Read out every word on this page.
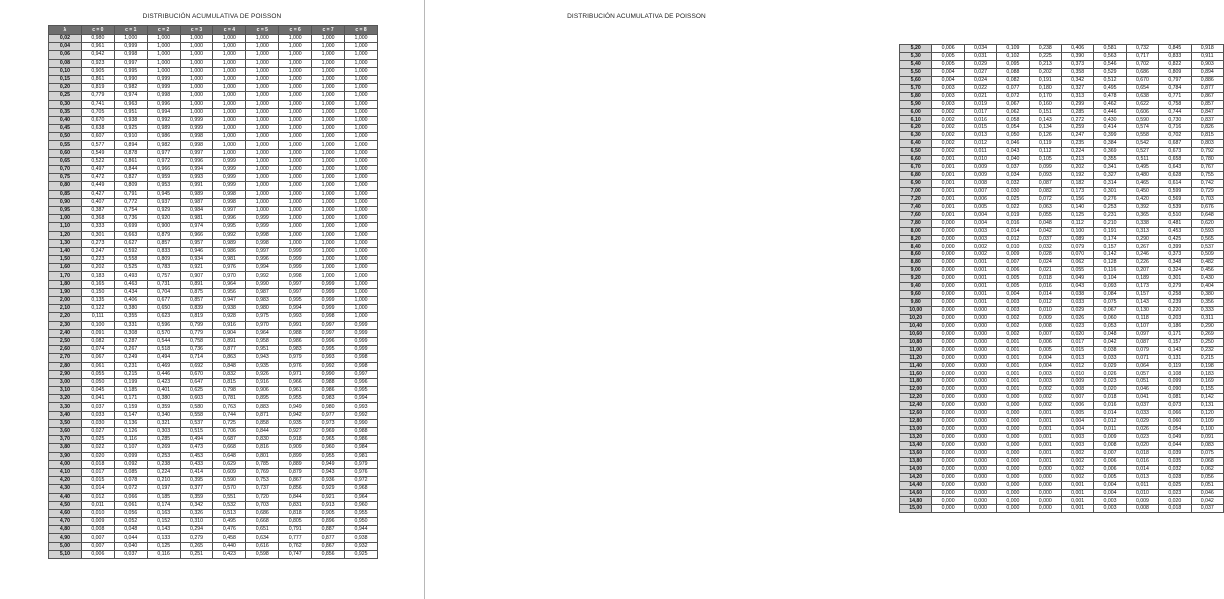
DISTRIBUCIÓN ACUMULATIVA DE POISSON
λ	c = 0	c = 1	c = 2	c = 3	c = 4	c = 5	c = 6	c = 7	c = 8
0,02	0,980	1,000	1,000	1,000	1,000	1,000	1,000	1,000	1,000
0,04	0,961	0,999	1,000	1,000	1,000	1,000	1,000	1,000	1,000
0,06	0,942	0,998	1,000	1,000	1,000	1,000	1,000	1,000	1,000
0,08	0,923	0,997	1,000	1,000	1,000	1,000	1,000	1,000	1,000
0,10	0,905	0,995	1,000	1,000	1,000	1,000	1,000	1,000	1,000
0,15	0,861	0,990	0,999	1,000	1,000	1,000	1,000	1,000	1,000
0,20	0,819	0,982	0,999	1,000	1,000	1,000	1,000	1,000	1,000
0,25	0,779	0,974	0,998	1,000	1,000	1,000	1,000	1,000	1,000
0,30	0,741	0,963	0,996	1,000	1,000	1,000	1,000	1,000	1,000
0,35	0,705	0,951	0,994	1,000	1,000	1,000	1,000	1,000	1,000
0,40	0,670	0,938	0,992	0,999	1,000	1,000	1,000	1,000	1,000
0,45	0,638	0,925	0,989	0,999	1,000	1,000	1,000	1,000	1,000
0,50	0,607	0,910	0,986	0,998	1,000	1,000	1,000	1,000	1,000
0,55	0,577	0,894	0,982	0,998	1,000	1,000	1,000	1,000	1,000
0,60	0,549	0,878	0,977	0,997	1,000	1,000	1,000	1,000	1,000
0,65	0,522	0,861	0,972	0,996	0,999	1,000	1,000	1,000	1,000
0,70	0,497	0,844	0,966	0,994	0,999	1,000	1,000	1,000	1,000
0,75	0,472	0,827	0,959	0,993	0,999	1,000	1,000	1,000	1,000
0,80	0,449	0,809	0,953	0,991	0,999	1,000	1,000	1,000	1,000
0,85	0,427	0,791	0,945	0,989	0,998	1,000	1,000	1,000	1,000
0,90	0,407	0,772	0,937	0,987	0,998	1,000	1,000	1,000	1,000
0,95	0,387	0,754	0,929	0,984	0,997	1,000	1,000	1,000	1,000
1,00	0,368	0,736	0,920	0,981	0,996	0,999	1,000	1,000	1,000
1,10	0,333	0,699	0,900	0,974	0,995	0,999	1,000	1,000	1,000
1,20	0,301	0,663	0,879	0,966	0,992	0,998	1,000	1,000	1,000
1,30	0,273	0,627	0,857	0,957	0,989	0,998	1,000	1,000	1,000
1,40	0,247	0,592	0,833	0,946	0,986	0,997	0,999	1,000	1,000
1,50	0,223	0,558	0,809	0,934	0,981	0,996	0,999	1,000	1,000
1,60	0,202	0,525	0,783	0,921	0,976	0,994	0,999	1,000	1,000
1,70	0,183	0,493	0,757	0,907	0,970	0,992	0,998	1,000	1,000
1,80	0,165	0,463	0,731	0,891	0,964	0,990	0,997	0,999	1,000
1,90	0,150	0,434	0,704	0,875	0,956	0,987	0,997	0,999	1,000
2,00	0,135	0,406	0,677	0,857	0,947	0,983	0,995	0,999	1,000
2,10	0,122	0,380	0,650	0,839	0,938	0,980	0,994	0,999	1,000
2,20	0,111	0,355	0,623	0,819	0,928	0,975	0,993	0,998	1,000
2,30	0,100	0,331	0,596	0,799	0,916	0,970	0,991	0,997	0,999
2,40	0,091	0,308	0,570	0,779	0,904	0,964	0,988	0,997	0,999
2,50	0,082	0,287	0,544	0,758	0,891	0,958	0,986	0,996	0,999
2,60	0,074	0,267	0,518	0,736	0,877	0,951	0,983	0,995	0,999
2,70	0,067	0,249	0,494	0,714	0,863	0,943	0,979	0,993	0,998
2,80	0,061	0,231	0,469	0,692	0,848	0,935	0,976	0,992	0,998
2,90	0,055	0,215	0,446	0,670	0,832	0,926	0,971	0,990	0,997
3,00	0,050	0,199	0,423	0,647	0,815	0,916	0,966	0,988	0,996
3,10	0,045	0,185	0,401	0,625	0,798	0,906	0,961	0,986	0,995
3,20	0,041	0,171	0,380	0,603	0,781	0,895	0,955	0,983	0,994
3,30	0,037	0,159	0,359	0,580	0,763	0,883	0,949	0,980	0,993
3,40	0,033	0,147	0,340	0,558	0,744	0,871	0,942	0,977	0,992
3,50	0,030	0,136	0,321	0,537	0,725	0,858	0,935	0,973	0,990
3,60	0,027	0,126	0,303	0,515	0,706	0,844	0,927	0,969	0,988
3,70	0,025	0,116	0,285	0,494	0,687	0,830	0,918	0,965	0,986
3,80	0,022	0,107	0,269	0,473	0,668	0,816	0,909	0,960	0,984
3,90	0,020	0,099	0,253	0,453	0,648	0,801	0,899	0,955	0,981
4,00	0,018	0,092	0,238	0,433	0,629	0,785	0,889	0,949	0,979
4,10	0,017	0,085	0,224	0,414	0,609	0,769	0,879	0,943	0,976
4,20	0,015	0,078	0,210	0,395	0,590	0,753	0,867	0,936	0,972
4,30	0,014	0,072	0,197	0,377	0,570	0,737	0,856	0,929	0,968
4,40	0,012	0,066	0,185	0,359	0,551	0,720	0,844	0,921	0,964
4,50	0,011	0,061	0,174	0,342	0,532	0,703	0,831	0,913	0,960
4,60	0,010	0,056	0,163	0,326	0,513	0,686	0,818	0,905	0,955
4,70	0,009	0,052	0,152	0,310	0,495	0,668	0,805	0,896	0,950
4,80	0,008	0,048	0,143	0,294	0,476	0,651	0,791	0,887	0,944
4,90	0,007	0,044	0,133	0,279	0,458	0,634	0,777	0,877	0,938
5,00	0,007	0,040	0,125	0,265	0,440	0,616	0,762	0,867	0,932
5,10	0,006	0,037	0,116	0,251	0,423	0,598	0,747	0,856	0,925
DISTRIBUCIÓN ACUMULATIVA DE POISSON
5,20	0,006	0,034	0,109	0,238	0,406	0,581	0,732	0,845	0,918
5,30	0,005	0,031	0,102	0,225	0,390	0,563	0,717	0,833	0,911
5,40	0,005	0,029	0,095	0,213	0,373	0,546	0,702	0,822	0,903
5,50	0,004	0,027	0,088	0,202	0,358	0,529	0,686	0,809	0,894
5,60	0,004	0,024	0,082	0,191	0,342	0,512	0,670	0,797	0,886
5,70	0,003	0,022	0,077	0,180	0,327	0,495	0,654	0,784	0,877
5,80	0,003	0,021	0,072	0,170	0,313	0,478	0,638	0,771	0,867
5,90	0,003	0,019	0,067	0,160	0,299	0,462	0,622	0,758	0,857
6,00	0,002	0,017	0,062	0,151	0,285	0,446	0,606	0,744	0,847
6,10	0,002	0,016	0,058	0,143	0,272	0,430	0,590	0,730	0,837
6,20	0,002	0,015	0,054	0,134	0,259	0,414	0,574	0,716	0,826
6,30	0,002	0,013	0,050	0,126	0,247	0,399	0,558	0,702	0,815
6,40	0,002	0,012	0,046	0,119	0,235	0,384	0,542	0,687	0,803
6,50	0,002	0,011	0,043	0,112	0,224	0,369	0,527	0,673	0,792
6,60	0,001	0,010	0,040	0,105	0,213	0,355	0,511	0,658	0,780
6,70	0,001	0,009	0,037	0,099	0,202	0,341	0,495	0,643	0,767
6,80	0,001	0,009	0,034	0,093	0,192	0,327	0,480	0,628	0,755
6,90	0,001	0,008	0,032	0,087	0,182	0,314	0,465	0,614	0,742
7,00	0,001	0,007	0,030	0,082	0,173	0,301	0,450	0,599	0,729
7,20	0,001	0,006	0,025	0,072	0,156	0,276	0,420	0,569	0,703
7,40	0,001	0,005	0,022	0,063	0,140	0,253	0,392	0,539	0,676
7,60	0,001	0,004	0,019	0,055	0,125	0,231	0,365	0,510	0,648
7,80	0,000	0,004	0,016	0,048	0,112	0,210	0,338	0,481	0,620
8,00	0,000	0,003	0,014	0,042	0,100	0,191	0,313	0,453	0,593
8,20	0,000	0,003	0,012	0,037	0,089	0,174	0,290	0,425	0,565
8,40	0,000	0,002	0,010	0,032	0,079	0,157	0,267	0,399	0,537
8,60	0,000	0,002	0,009	0,028	0,070	0,142	0,246	0,373	0,509
8,80	0,000	0,001	0,007	0,024	0,062	0,128	0,226	0,348	0,482
9,00	0,000	0,001	0,006	0,021	0,055	0,116	0,207	0,324	0,456
9,20	0,000	0,001	0,005	0,018	0,049	0,104	0,189	0,301	0,430
9,40	0,000	0,001	0,005	0,016	0,043	0,093	0,173	0,279	0,404
9,60	0,000	0,001	0,004	0,014	0,038	0,084	0,157	0,258	0,380
9,80	0,000	0,001	0,003	0,012	0,033	0,075	0,143	0,239	0,356
10,00	0,000	0,000	0,003	0,010	0,029	0,067	0,130	0,220	0,333
10,20	0,000	0,000	0,002	0,009	0,026	0,060	0,118	0,203	0,311
10,40	0,000	0,000	0,002	0,008	0,023	0,053	0,107	0,186	0,290
10,60	0,000	0,000	0,002	0,007	0,020	0,048	0,097	0,171	0,269
10,80	0,000	0,000	0,001	0,006	0,017	0,042	0,087	0,157	0,250
11,00	0,000	0,000	0,001	0,005	0,015	0,038	0,079	0,143	0,232
11,20	0,000	0,000	0,001	0,004	0,013	0,033	0,071	0,131	0,215
11,40	0,000	0,000	0,001	0,004	0,012	0,029	0,064	0,119	0,198
11,60	0,000	0,000	0,001	0,003	0,010	0,026	0,057	0,108	0,183
11,80	0,000	0,000	0,001	0,003	0,009	0,023	0,051	0,099	0,169
12,00	0,000	0,000	0,001	0,002	0,008	0,020	0,046	0,090	0,155
12,20	0,000	0,000	0,000	0,002	0,007	0,018	0,041	0,081	0,142
12,40	0,000	0,000	0,000	0,002	0,006	0,016	0,037	0,073	0,131
12,60	0,000	0,000	0,000	0,001	0,005	0,014	0,033	0,066	0,120
12,80	0,000	0,000	0,000	0,001	0,004	0,012	0,029	0,060	0,109
13,00	0,000	0,000	0,000	0,001	0,004	0,011	0,026	0,054	0,100
13,20	0,000	0,000	0,000	0,001	0,003	0,009	0,023	0,049	0,091
13,40	0,000	0,000	0,000	0,001	0,003	0,008	0,020	0,044	0,083
13,60	0,000	0,000	0,000	0,001	0,002	0,007	0,018	0,039	0,075
13,80	0,000	0,000	0,000	0,001	0,002	0,006	0,016	0,035	0,068
14,00	0,000	0,000	0,000	0,000	0,002	0,006	0,014	0,032	0,062
14,20	0,000	0,000	0,000	0,000	0,002	0,005	0,013	0,028	0,056
14,40	0,000	0,000	0,000	0,000	0,001	0,004	0,011	0,025	0,051
14,60	0,000	0,000	0,000	0,000	0,001	0,004	0,010	0,023	0,046
14,80	0,000	0,000	0,000	0,000	0,001	0,003	0,009	0,020	0,042
15,00	0,000	0,000	0,000	0,000	0,001	0,003	0,008	0,018	0,037
